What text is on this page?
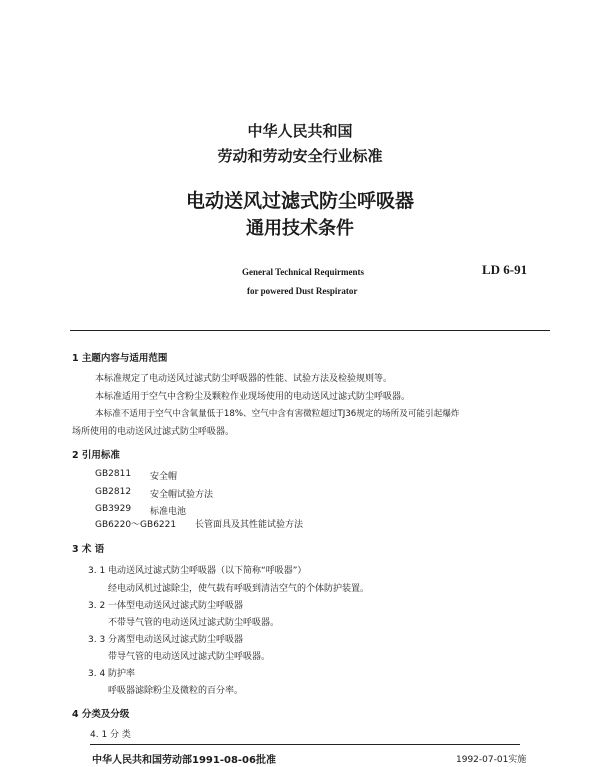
中华人民共和国
劳动和劳动安全行业标准
电动送风过滤式防尘呼吸器
通用技术条件
General Technical Requirments
for powered Dust Respirator
LD 6-91
1 主题内容与适用范围
本标准规定了电动送风过滤式防尘呼吸器的性能、试验方法及检验规则等。
本标准适用于空气中含粉尘及颗粒作业现场使用的电动送风过滤式防尘呼吸器。
本标准不适用于空气中含氧量低于18%、空气中含有害微粒超过TJ36规定的场所及可能引起爆炸
场所使用的电动送风过滤式防尘呼吸器。
2 引用标准
GB2811 安全帽
GB2812 安全帽试验方法
GB3929 标准电池
GB6220～GB6221 长管面具及其性能试验方法
3 术 语
3. 1 电动送风过滤式防尘呼吸器（以下简称“呼吸器”）
经电动风机过滤除尘，使气载有呼吸到清洁空气的个体防护装置。
3. 2 一体型电动送风过滤式防尘呼吸器
不带导气管的电动送风过滤式防尘呼吸器。
3. 3 分离型电动送风过滤式防尘呼吸器
带导气管的电动送风过滤式防尘呼吸器。
3. 4 防护率
呼吸器滤除粉尘及微粒的百分率。
4 分类及分级
4. 1 分 类
中华人民共和国劳动部1991-08-06批准	1992-07-01实施
